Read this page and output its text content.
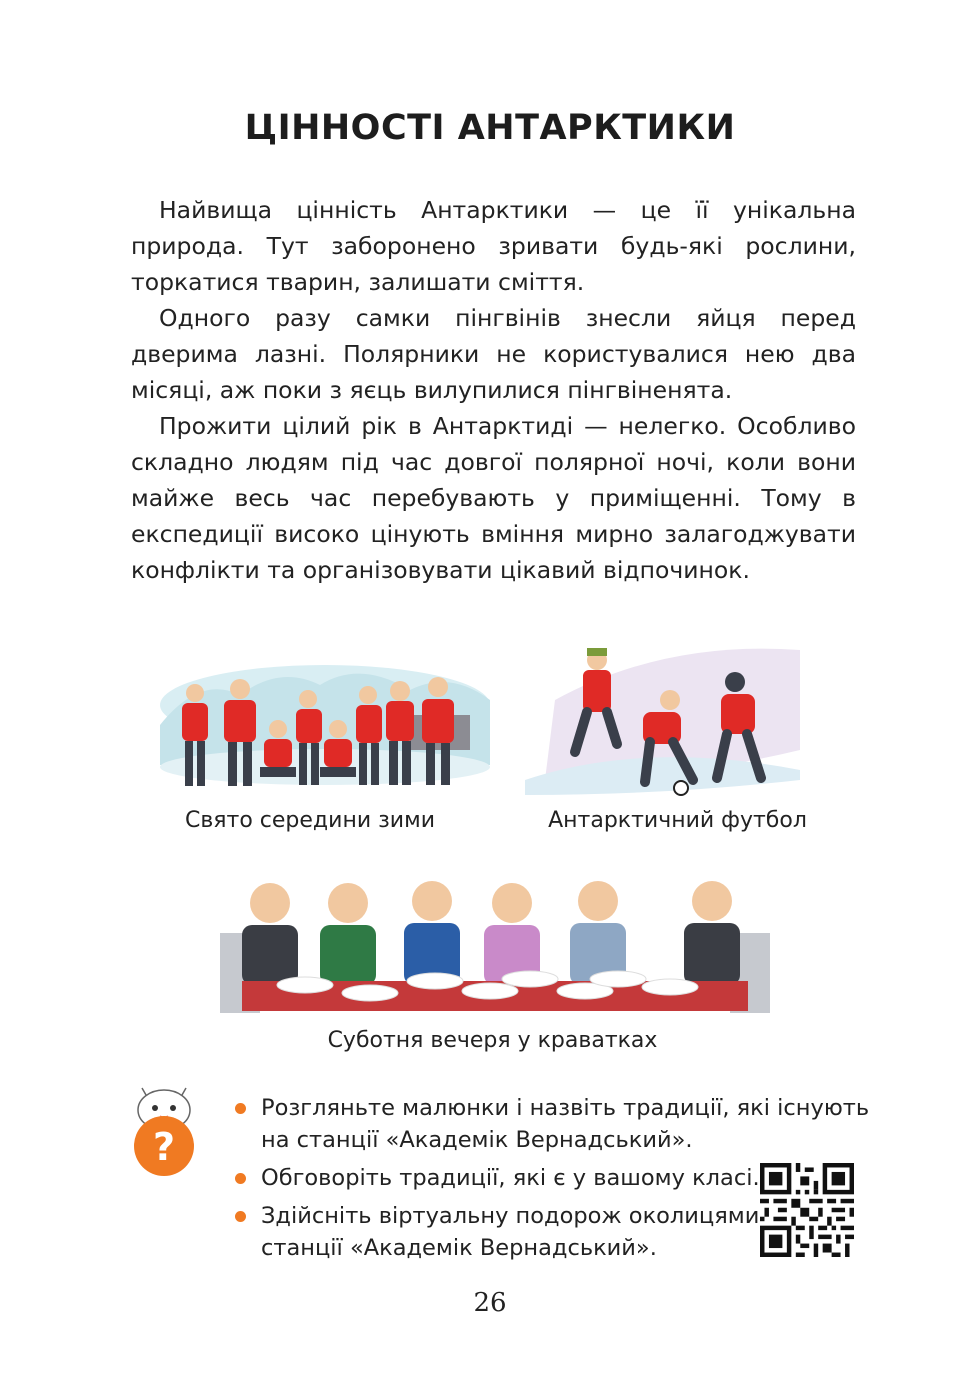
ЦІННОСТІ АНТАРКТИКИ

Найвища цінність Антарктики — це її унікальна природа. Тут заборонено зривати будь-які рослини, торкатися тварин, залишати сміття.

Одного разу самки пінгвінів знесли яйця перед дверима лазні. Полярники не користувалися нею два місяці, аж поки з яєць вилупилися пінгвіненята.

Прожити цілий рік в Антарктиді — нелегко. Особливо складно людям під час довгої полярної ночі, коли вони майже весь час перебувають у приміщенні. Тому в експедиції високо цінують вміння мирно залагоджувати конфлікти та організовувати цікавий відпочинок.

Свято середини зими	Антарктичний футбол
Суботня вечеря у краватках
?
Розгляньте малюнки і назвіть традиції, які існують на станції «Академік Вернадський».
Обговоріть традиції, які є у вашому класі.
Здійсніть віртуальну подорож околицями станції «Академік Вернадський».
26
